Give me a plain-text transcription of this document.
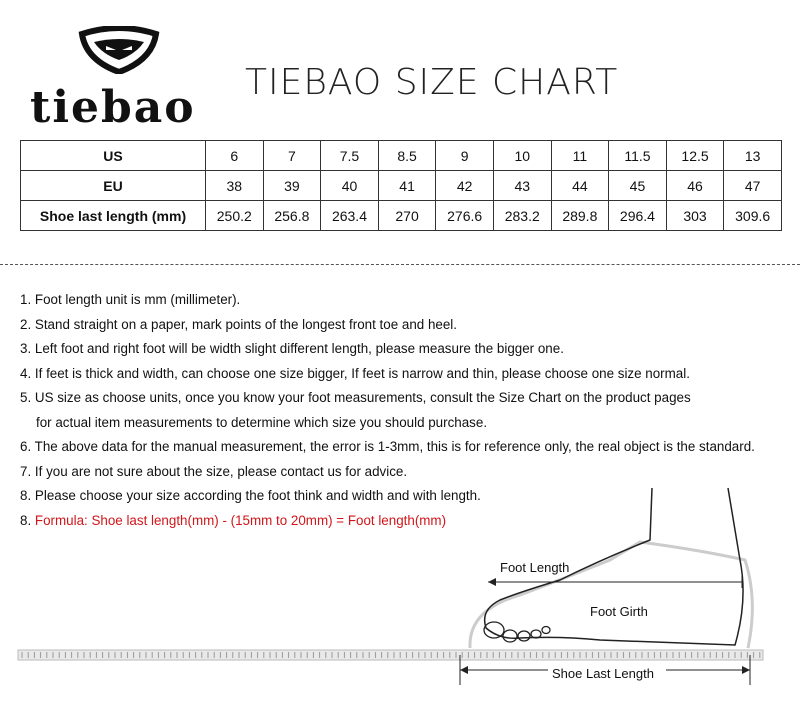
tiebao TIEBAO SIZE CHART
US	6	7	7.5	8.5	9	10	11	11.5	12.5	13
EU	38	39	40	41	42	43	44	45	46	47
Shoe last length (mm)	250.2	256.8	263.4	270	276.6	283.2	289.8	296.4	303	309.6
1. Foot length unit is mm (millimeter).
2. Stand straight on a paper, mark points of the longest front toe and heel.
3. Left foot and right foot will be width slight different length, please measure the bigger one.
4. If feet is thick and width, can choose one size bigger, If feet is narrow and thin, please choose one size normal.
5. US size as choose units, once you know your foot measurements, consult the Size Chart on the product pages
for actual item measurements to determine which size you should purchase.
6. The above data for the manual measurement, the error is 1-3mm, this is for reference only, the real object is the standard.
7. If you are not sure about the size, please contact us for advice.
8. Please choose your size according the foot think and width and with length.
8. Formula: Shoe last length(mm) - (15mm to 20mm) = Foot length(mm)
Foot Length
Foot Girth
Shoe Last Length
